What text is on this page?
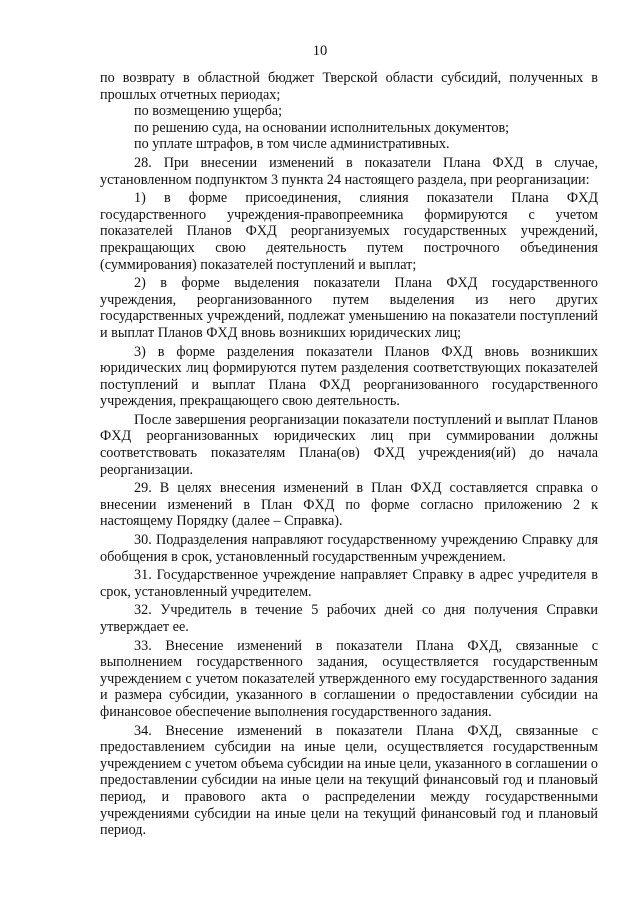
10

по возврату в областной бюджет Тверской области субсидий, полученных в прошлых отчетных периодах;

по возмещению ущерба;

по решению суда, на основании исполнительных документов;

по уплате штрафов, в том числе административных.

28. При внесении изменений в показатели Плана ФХД в случае, установленном подпунктом 3 пункта 24 настоящего раздела, при реорганизации:

1) в форме присоединения, слияния показатели Плана ФХД государственного учреждения-правопреемника формируются с учетом показателей Планов ФХД реорганизуемых государственных учреждений, прекращающих свою деятельность путем построчного объединения (суммирования) показателей поступлений и выплат;

2) в форме выделения показатели Плана ФХД государственного учреждения, реорганизованного путем выделения из него других государственных учреждений, подлежат уменьшению на показатели поступлений и выплат Планов ФХД вновь возникших юридических лиц;

3) в форме разделения показатели Планов ФХД вновь возникших юридических лиц формируются путем разделения соответствующих показателей поступлений и выплат Плана ФХД реорганизованного государственного учреждения, прекращающего свою деятельность.

После завершения реорганизации показатели поступлений и выплат Планов ФХД реорганизованных юридических лиц при суммировании должны соответствовать показателям Плана(ов) ФХД учреждения(ий) до начала реорганизации.

29. В целях внесения изменений в План ФХД составляется справка о внесении изменений в План ФХД по форме согласно приложению 2 к настоящему Порядку (далее – Справка).

30. Подразделения направляют государственному учреждению Справку для обобщения в срок, установленный государственным учреждением.

31. Государственное учреждение направляет Справку в адрес учредителя в срок, установленный учредителем.

32. Учредитель в течение 5 рабочих дней со дня получения Справки утверждает ее.

33. Внесение изменений в показатели Плана ФХД, связанные с выполнением государственного задания, осуществляется государственным учреждением с учетом показателей утвержденного ему государственного задания и размера субсидии, указанного в соглашении о предоставлении субсидии на финансовое обеспечение выполнения государственного задания.

34. Внесение изменений в показатели Плана ФХД, связанные с предоставлением субсидии на иные цели, осуществляется государственным учреждением с учетом объема субсидии на иные цели, указанного в соглашении о предоставлении субсидии на иные цели на текущий финансовый год и плановый период, и правового акта о распределении между государственными учреждениями субсидии на иные цели на текущий финансовый год и плановый период.
